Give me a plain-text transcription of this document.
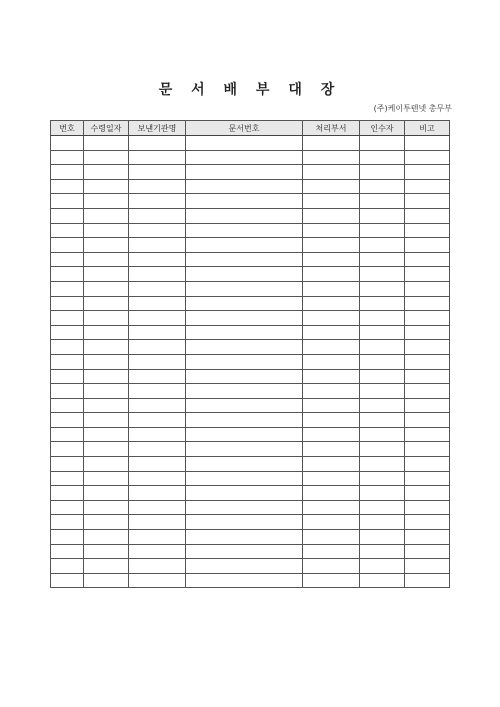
문 서 배 부 대 장
(주)케이투텐넷 총무부
번호	수령일자	보낸기관명	문서번호	처리부서	인수자	비고
